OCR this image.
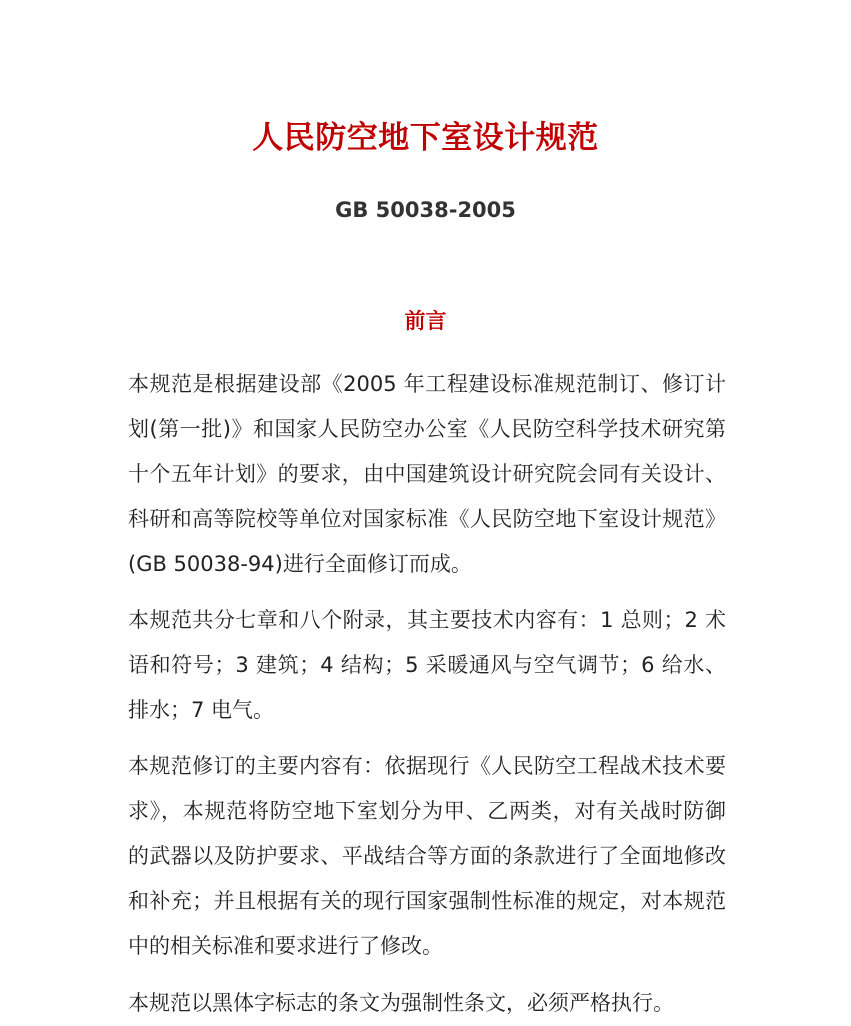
人民防空地下室设计规范
GB 50038-2005
前言

本规范是根据建设部《2005 年工程建设标准规范制订、修订计划(第一批)》和国家人民防空办公室《人民防空科学技术研究第十个五年计划》的要求，由中国建筑设计研究院会同有关设计、科研和高等院校等单位对国家标准《人民防空地下室设计规范》(GB 50038-94)进行全面修订而成。

本规范共分七章和八个附录，其主要技术内容有：1 总则；2 术语和符号；3 建筑；4 结构；5 采暖通风与空气调节；6 给水、排水；7 电气。

本规范修订的主要内容有：依据现行《人民防空工程战术技术要求》，本规范将防空地下室划分为甲、乙两类，对有关战时防御的武器以及防护要求、平战结合等方面的条款进行了全面地修改和补充；并且根据有关的现行国家强制性标准的规定，对本规范中的相关标准和要求进行了修改。

本规范以黑体字标志的条文为强制性条文，必须严格执行。
